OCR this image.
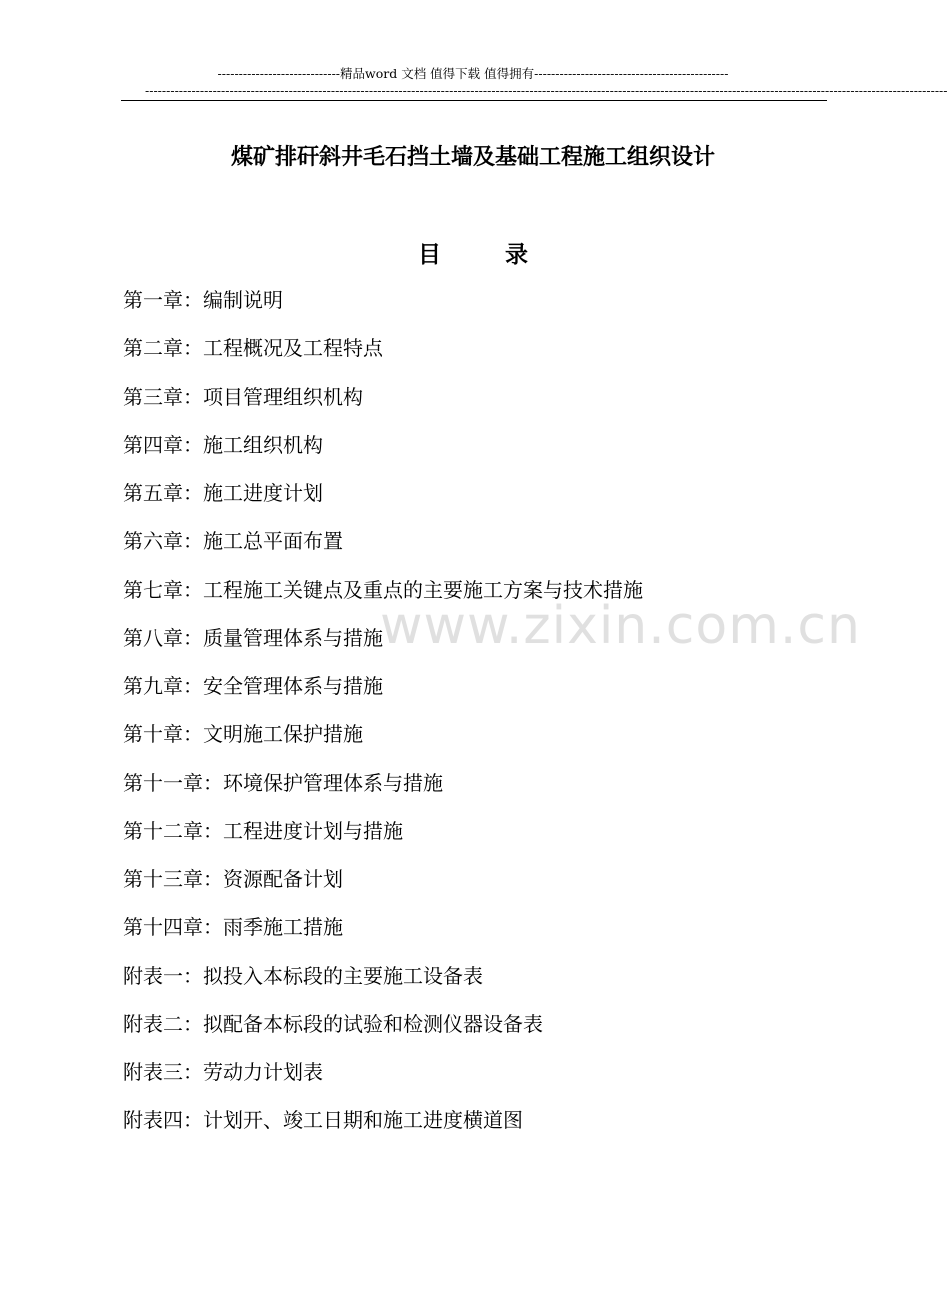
-----------------------------精品word 文档 值得下载 值得拥有----------------------------------------------
----------------------------------------------------------------------------------------------------------------------------------------------------------------------------------------------
煤矿排矸斜井毛石挡土墙及基础工程施工组织设计
目        录
www.zixin.com.cn
第一章：编制说明
第二章：工程概况及工程特点
第三章：项目管理组织机构
第四章：施工组织机构
第五章：施工进度计划
第六章：施工总平面布置
第七章：工程施工关键点及重点的主要施工方案与技术措施
第八章：质量管理体系与措施
第九章：安全管理体系与措施
第十章：文明施工保护措施
第十一章：环境保护管理体系与措施
第十二章：工程进度计划与措施
第十三章：资源配备计划
第十四章：雨季施工措施
附表一：拟投入本标段的主要施工设备表
附表二：拟配备本标段的试验和检测仪器设备表
附表三：劳动力计划表
附表四：计划开、竣工日期和施工进度横道图
